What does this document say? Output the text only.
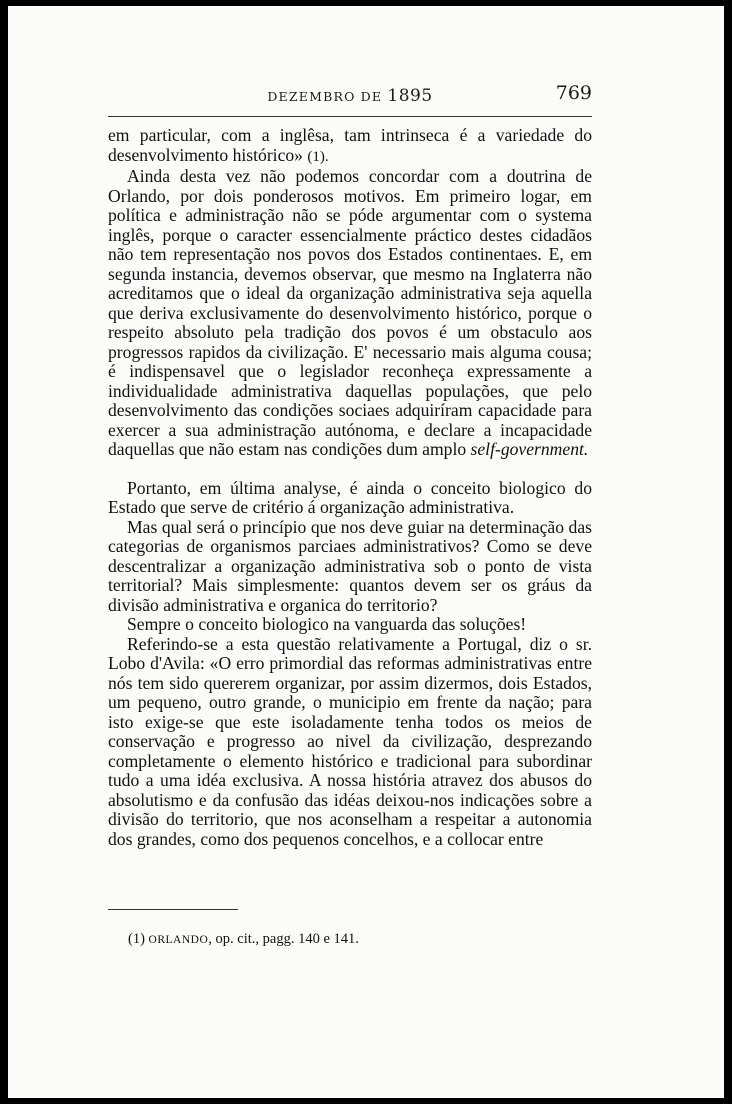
DEZEMBRO DE 1895	769

em particular, com a inglêsa, tam intrinseca é a variedade do desenvolvimento histórico» (1).

Ainda desta vez não podemos concordar com a doutrina de Orlando, por dois ponderosos motivos. Em primeiro logar, em política e administração não se póde argumentar com o systema inglês, porque o caracter essencialmente práctico destes cidadãos não tem representação nos povos dos Estados continentaes. E, em segunda instancia, devemos observar, que mesmo na Inglaterra não acreditamos que o ideal da organização administrativa seja aquella que deriva exclusivamente do desenvolvimento histórico, porque o respeito absoluto pela tradição dos povos é um obstaculo aos progressos rapidos da civilização. E' necessario mais alguma cousa; é indispensavel que o legislador reconheça expressamente a individualidade administrativa daquellas populações, que pelo desenvolvimento das condições sociaes adquiríram capacidade para exercer a sua administração autónoma, e declare a incapacidade daquellas que não estam nas condições dum amplo self-government.

Portanto, em última analyse, é ainda o conceito biologico do Estado que serve de critério á organização administrativa.

Mas qual será o princípio que nos deve guiar na determinação das categorias de organismos parciaes administrativos? Como se deve descentralizar a organização administrativa sob o ponto de vista territorial? Mais simplesmente: quantos devem ser os gráus da divisão administrativa e organica do territorio?

Sempre o conceito biologico na vanguarda das soluções!

Referindo-se a esta questão relativamente a Portugal, diz o sr. Lobo d'Avila: «O erro primordial das reformas administrativas entre nós tem sido quererem organizar, por assim dizermos, dois Estados, um pequeno, outro grande, o municipio em frente da nação; para isto exige-se que este isoladamente tenha todos os meios de conservação e progresso ao nivel da civilização, desprezando completamente o elemento histórico e tradicional para subordinar tudo a uma idéa exclusiva. A nossa história atravez dos abusos do absolutismo e da confusão das idéas deixou-nos indicações sobre a divisão do territorio, que nos aconselham a respeitar a autonomia dos grandes, como dos pequenos concelhos, e a collocar entre

(1) ORLANDO, op. cit., pagg. 140 e 141.
